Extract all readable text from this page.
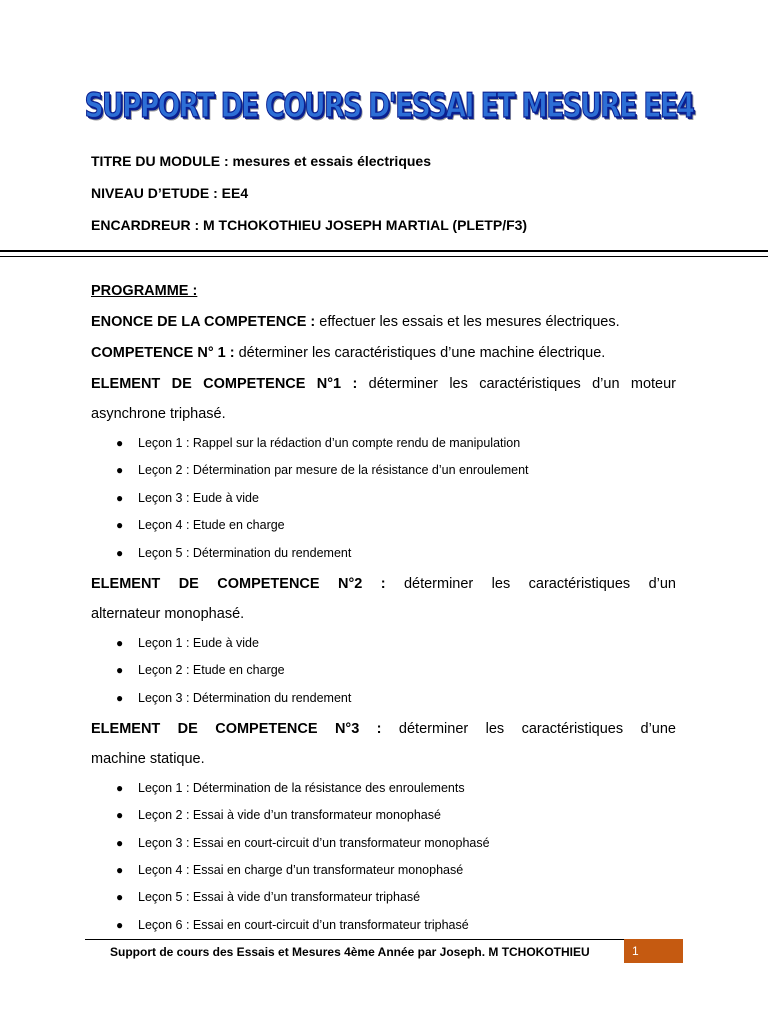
SUPPORT DE COURS D'ESSAI ET MESURE EE4
TITRE DU MODULE : mesures et essais électriques
NIVEAU D’ETUDE : EE4
ENCARDREUR : M TCHOKOTHIEU JOSEPH MARTIAL (PLETP/F3)
PROGRAMME :
ENONCE DE LA COMPETENCE : effectuer les essais et les mesures électriques.
COMPETENCE N° 1 : déterminer les caractéristiques d’une machine électrique.
ELEMENT DE COMPETENCE N°1 : déterminer les caractéristiques d’un moteur
asynchrone triphasé.
● Leçon 1 : Rappel sur la rédaction d’un compte rendu de manipulation
● Leçon 2 : Détermination par mesure de la résistance d’un enroulement
● Leçon 3 : Eude à vide
● Leçon 4 : Etude en charge
● Leçon 5 : Détermination du rendement
ELEMENT DE COMPETENCE N°2 : déterminer les caractéristiques d’un
alternateur monophasé.
● Leçon 1 : Eude à vide
● Leçon 2 : Etude en charge
● Leçon 3 : Détermination du rendement
ELEMENT DE COMPETENCE N°3 : déterminer les caractéristiques d’une
machine statique.
● Leçon 1 : Détermination de la résistance des enroulements
● Leçon 2 : Essai à vide d’un transformateur monophasé
● Leçon 3 : Essai en court-circuit d’un transformateur monophasé
● Leçon 4 : Essai en charge d’un transformateur monophasé
● Leçon 5 : Essai à vide d’un transformateur triphasé
● Leçon 6 : Essai en court-circuit d’un transformateur triphasé
Support de cours des Essais et Mesures 4ème Année par Joseph. M TCHOKOTHIEU	1
